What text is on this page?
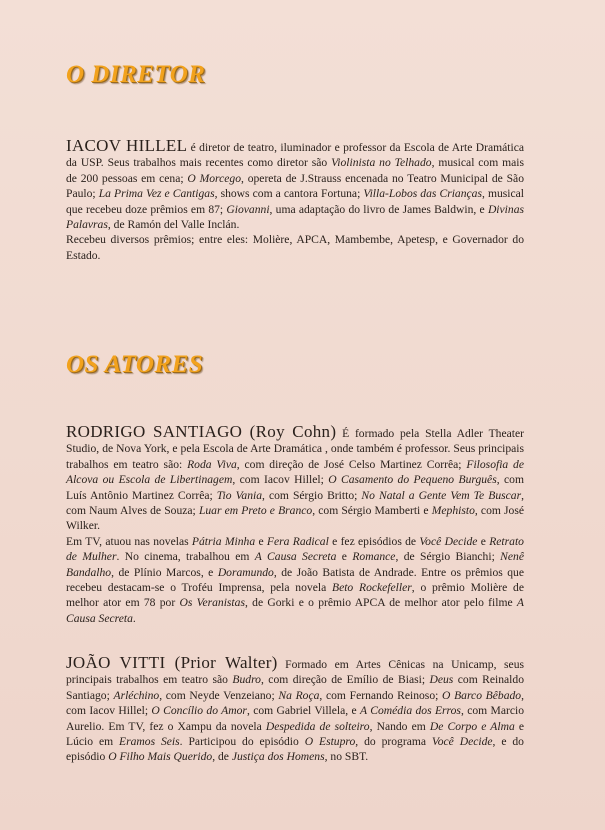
O DIRETOR

IACOV HILLEL é diretor de teatro, iluminador e professor da Escola de Arte Dramática da USP. Seus trabalhos mais recentes como diretor são Violinista no Telhado, musical com mais de 200 pessoas em cena; O Morcego, opereta de J.Strauss encenada no Teatro Municipal de São Paulo; La Prima Vez e Cantigas, shows com a cantora Fortuna; Villa-Lobos das Crianças, musical que recebeu doze prêmios em 87; Giovanni, uma adaptação do livro de James Baldwin, e Divinas Palavras, de Ramón del Valle Inclán.

Recebeu diversos prêmios; entre eles: Molière, APCA, Mambembe, Apetesp, e Governador do Estado.

OS ATORES

RODRIGO SANTIAGO (Roy Cohn) É formado pela Stella Adler Theater Studio, de Nova York, e pela Escola de Arte Dramática , onde também é professor. Seus principais trabalhos em teatro são: Roda Viva, com direção de José Celso Martinez Corrêa; Filosofia de Alcova ou Escola de Libertinagem, com Iacov Hillel; O Casamento do Pequeno Burguês, com Luís Antônio Martinez Corrêa; Tio Vania, com Sérgio Britto; No Natal a Gente Vem Te Buscar, com Naum Alves de Souza; Luar em Preto e Branco, com Sérgio Mamberti e Mephisto, com José Wilker.

Em TV, atuou nas novelas Pátria Minha e Fera Radical e fez episódios de Você Decide e Retrato de Mulher. No cinema, trabalhou em A Causa Secreta e Romance, de Sérgio Bianchi; Nenê Bandalho, de Plínio Marcos, e Doramundo, de João Batista de Andrade. Entre os prêmios que recebeu destacam-se o Troféu Imprensa, pela novela Beto Rockefeller, o prêmio Molière de melhor ator em 78 por Os Veranistas, de Gorki e o prêmio APCA de melhor ator pelo filme A Causa Secreta.

JOÃO VITTI (Prior Walter) Formado em Artes Cênicas na Unicamp, seus principais trabalhos em teatro são Budro, com direção de Emílio de Biasi; Deus com Reinaldo Santiago; Arléchino, com Neyde Venzeiano; Na Roça, com Fernando Reinoso; O Barco Bêbado, com Iacov Hillel; O Concílio do Amor, com Gabriel Villela, e A Comédia dos Erros, com Marcio Aurelio. Em TV, fez o Xampu da novela Despedida de solteiro, Nando em De Corpo e Alma e Lúcio em Eramos Seis. Participou do episódio O Estupro, do programa Você Decide, e do episódio O Filho Mais Querido, de Justiça dos Homens, no SBT.
